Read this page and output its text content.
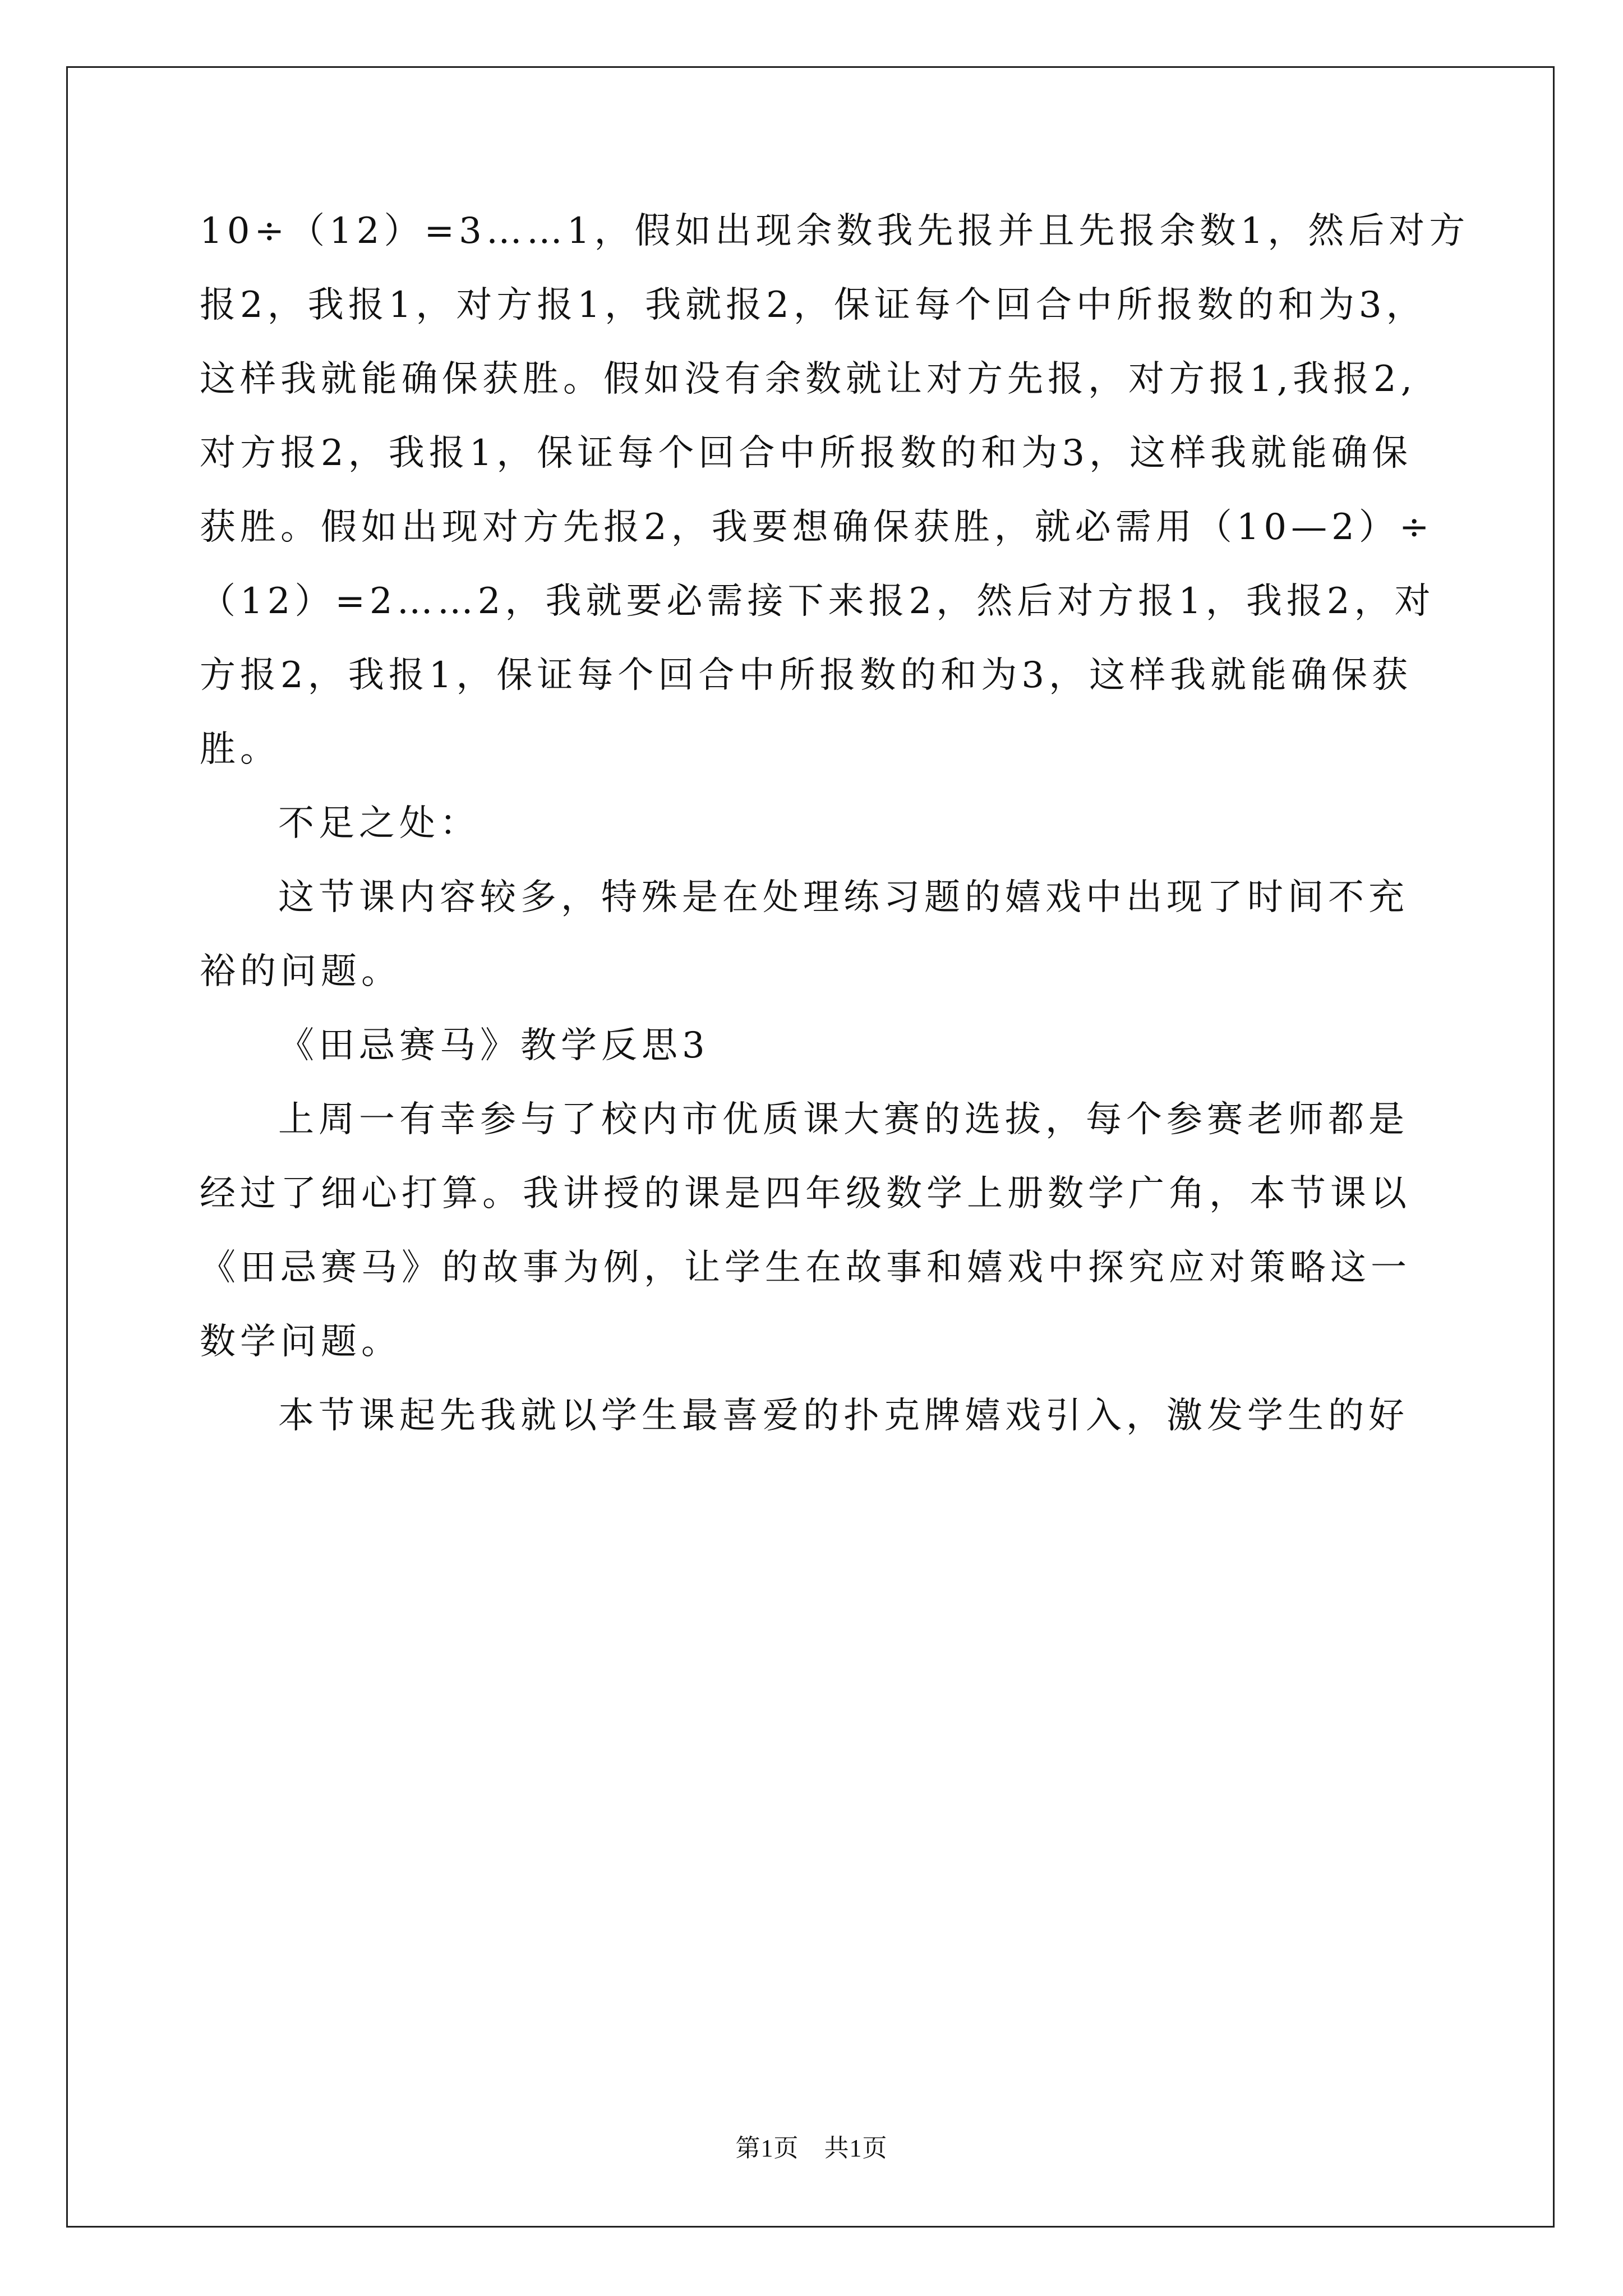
10÷（12）=3……1，假如出现余数我先报并且先报余数1，然后对方
报2，我报1，对方报1，我就报2，保证每个回合中所报数的和为3，
这样我就能确保获胜。假如没有余数就让对方先报，对方报1,我报2,
对方报2，我报1，保证每个回合中所报数的和为3，这样我就能确保
获胜。假如出现对方先报2，我要想确保获胜，就必需用（10—2）÷
（12）=2……2，我就要必需接下来报2，然后对方报1，我报2，对
方报2，我报1，保证每个回合中所报数的和为3，这样我就能确保获
胜。
不足之处：
这节课内容较多，特殊是在处理练习题的嬉戏中出现了时间不充
裕的问题。
《田忌赛马》教学反思3
上周一有幸参与了校内市优质课大赛的选拔，每个参赛老师都是
经过了细心打算。我讲授的课是四年级数学上册数学广角，本节课以
《田忌赛马》的故事为例，让学生在故事和嬉戏中探究应对策略这一
数学问题。
本节课起先我就以学生最喜爱的扑克牌嬉戏引入，激发学生的好
第1页　共1页
